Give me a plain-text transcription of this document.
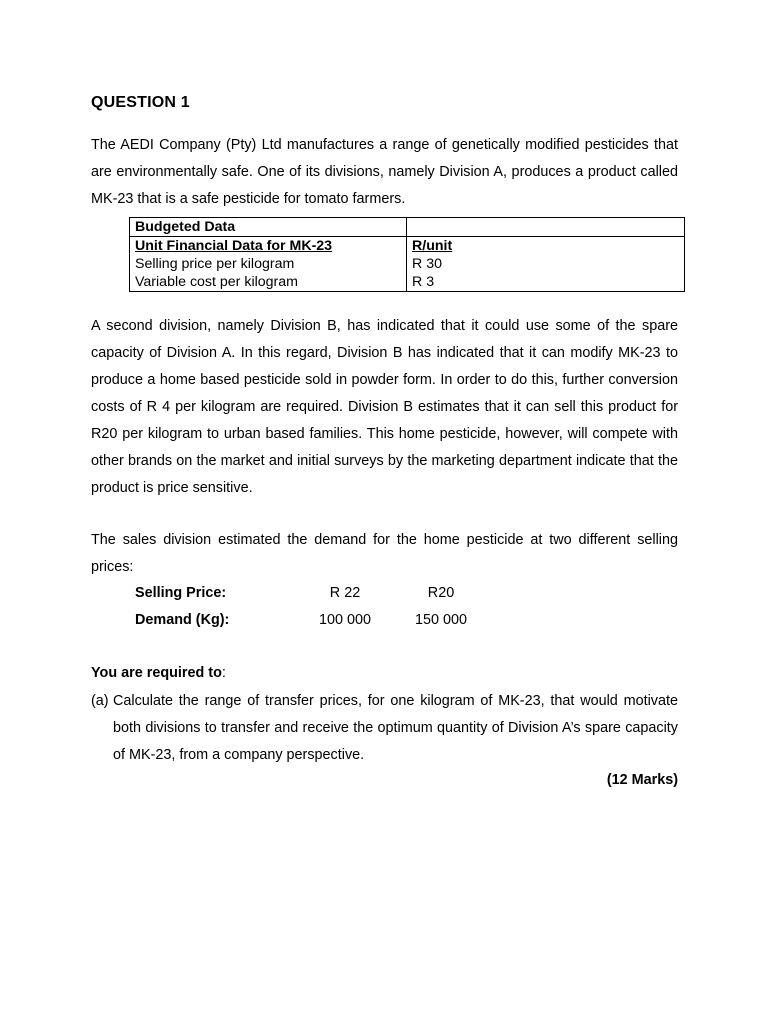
QUESTION 1

The AEDI Company (Pty) Ltd manufactures a range of genetically modified pesticides that are environmentally safe. One of its divisions, namely Division A, produces a product called MK-23 that is a safe pesticide for tomato farmers.

Budgeted Data	
Unit Financial Data for MK-23	R/unit
Selling price per kilogram	R 30
Variable cost per kilogram	R 3

A second division, namely Division B, has indicated that it could use some of the spare capacity of Division A. In this regard, Division B has indicated that it can modify MK-23 to produce a home based pesticide sold in powder form. In order to do this, further conversion costs of R 4 per kilogram are required. Division B estimates that it can sell this product for R20 per kilogram to urban based families. This home pesticide, however, will compete with other brands on the market and initial surveys by the marketing department indicate that the product is price sensitive.

The sales division estimated the demand for the home pesticide at two different selling prices:

Selling Price:	R 22	R20
Demand (Kg):	100 000	150 000
You are required to:
(a) Calculate the range of transfer prices, for one kilogram of MK-23, that would motivate both divisions to transfer and receive the optimum quantity of Division A’s spare capacity of MK-23, from a company perspective.
(12 Marks)
